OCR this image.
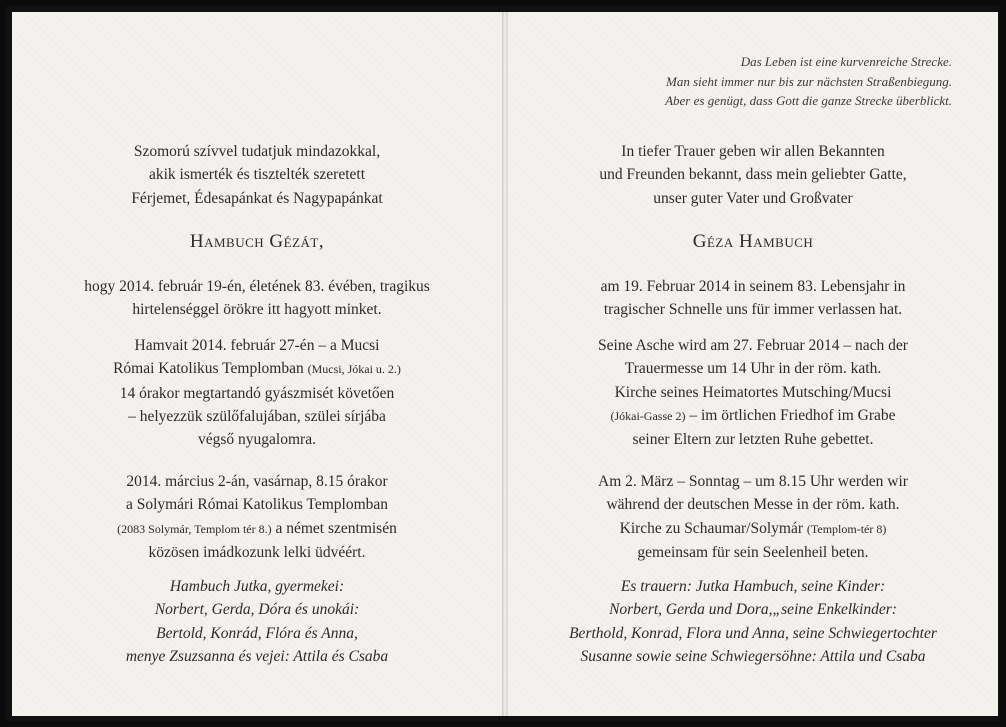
Szomorú szívvel tudatjuk mindazokkal,
akik ismerték és tisztelték szeretett
Férjemet, Édesapánkat és Nagypapánkat
Hambuch Gézát,
hogy 2014. február 19-én, életének 83. évében, tragikus
hirtelenséggel örökre itt hagyott minket.
Hamvait 2014. február 27-én – a Mucsi
Római Katolikus Templomban (Mucsi, Jókai u. 2.)
14 órakor megtartandó gyászmisét követően
– helyezzük szülőfalujában, szülei sírjába
végső nyugalomra.
2014. március 2-án, vasárnap, 8.15 órakor
a Solymári Római Katolikus Templomban
(2083 Solymár, Templom tér 8.) a német szentmisén
közösen imádkozunk lelki üdvéért.
Hambuch Jutka, gyermekei:
Norbert, Gerda, Dóra és unokái:
Bertold, Konrád, Flóra és Anna,
menye Zsuzsanna és vejei: Attila és Csaba
Das Leben ist eine kurvenreiche Strecke.
Man sieht immer nur bis zur nächsten Straßenbiegung.
Aber es genügt, dass Gott die ganze Strecke überblickt.
In tiefer Trauer geben wir allen Bekannten
und Freunden bekannt, dass mein geliebter Gatte,
unser guter Vater und Großvater
Géza Hambuch
am 19. Februar 2014 in seinem 83. Lebensjahr in
tragischer Schnelle uns für immer verlassen hat.
Seine Asche wird am 27. Februar 2014 – nach der
Trauermesse um 14 Uhr in der röm. kath.
Kirche seines Heimatortes Mutsching/Mucsi
(Jókai-Gasse 2) – im örtlichen Friedhof im Grabe
seiner Eltern zur letzten Ruhe gebettet.
Am 2. März – Sonntag – um 8.15 Uhr werden wir
während der deutschen Messe in der röm. kath.
Kirche zu Schaumar/Solymár (Templom-tér 8)
gemeinsam für sein Seelenheil beten.
Es trauern: Jutka Hambuch, seine Kinder:
Norbert, Gerda und Dora,„seine Enkelkinder:
Berthold, Konrad, Flora und Anna, seine Schwiegertochter
Susanne sowie seine Schwiegersöhne: Attila und Csaba
